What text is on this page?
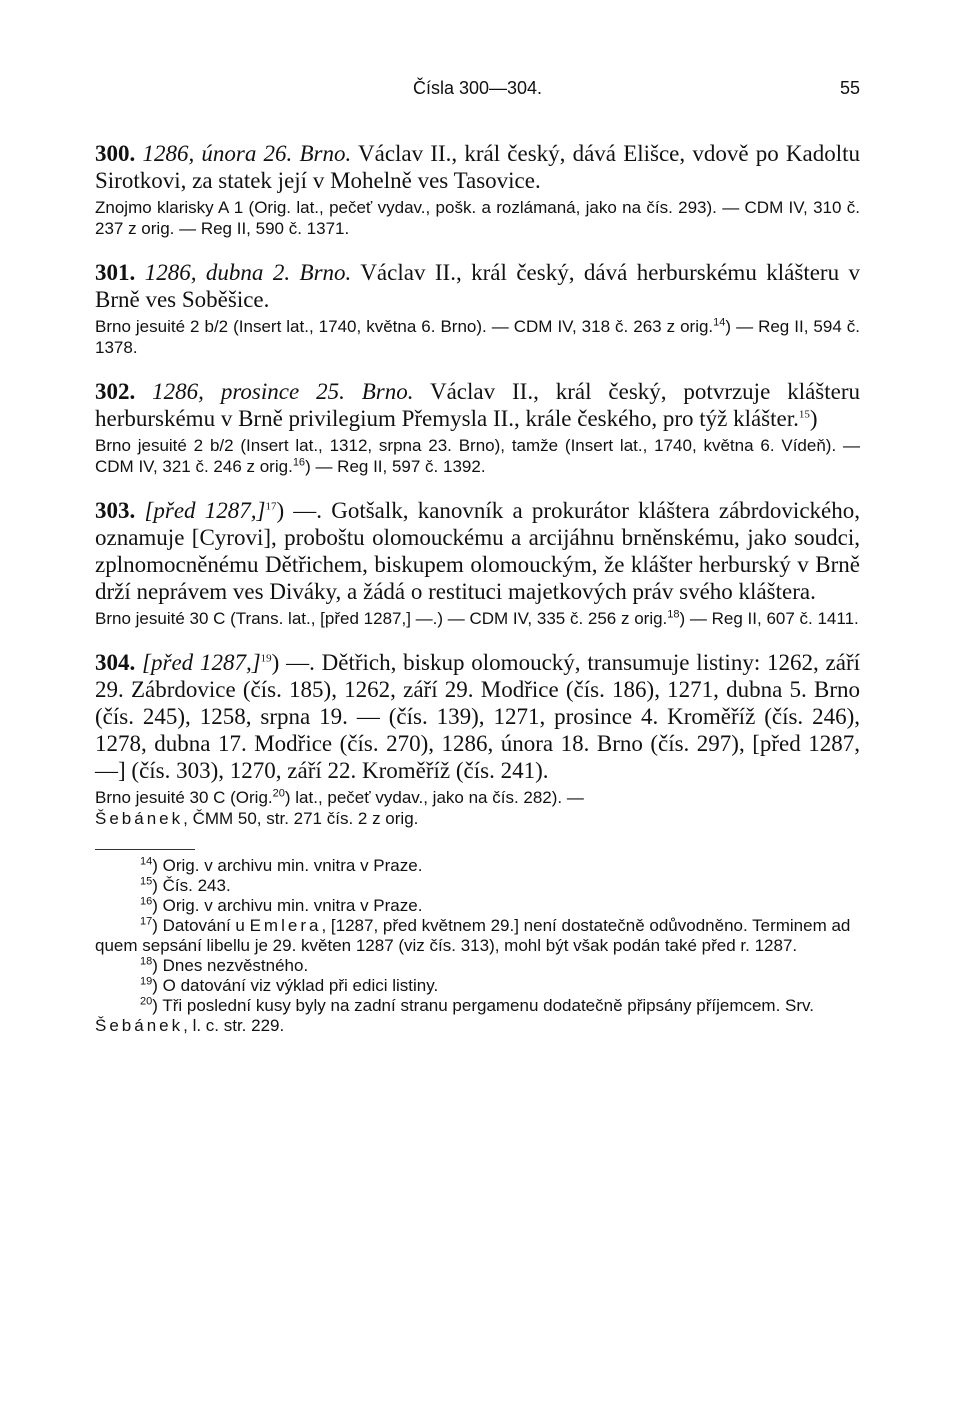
Čísla 300—304.	55
300. 1286, února 26. Brno. Václav II., král český, dává Elišce, vdově po Kadoltu Sirotkovi, za statek její v Mohelně ves Tasovice.
Znojmo klarisky A 1 (Orig. lat., pečeť vydav., pošk. a rozlámaná, jako na čís. 293). — CDM IV, 310 č. 237 z orig. — Reg II, 590 č. 1371.
301. 1286, dubna 2. Brno. Václav II., král český, dává herburskému klášteru v Brně ves Soběšice.
Brno jesuité 2 b/2 (Insert lat., 1740, května 6. Brno). — CDM IV, 318 č. 263 z orig.$^{14}$) — Reg II, 594 č. 1378.
302. 1286, prosince 25. Brno. Václav II., král český, potvrzuje klášteru herburskému v Brně privilegium Přemysla II., krále českého, pro týž klášter.$^{15}$)
Brno jesuité 2 b/2 (Insert lat., 1312, srpna 23. Brno), tamže (Insert lat., 1740, května 6. Vídeň). — CDM IV, 321 č. 246 z orig.$^{16}$) — Reg II, 597 č. 1392.
303. [před 1287,]$^{17}$) —. Gotšalk, kanovník a prokurátor kláštera zábrdovického, oznamuje [Cyrovi], proboštu olomouckému a arcijáhnu brněnskému, jako soudci, zplnomocněnému Dětřichem, biskupem olomouckým, že klášter herburský v Brně drží neprávem ves Diváky, a žádá o restituci majetkových práv svého kláštera.
Brno jesuité 30 C (Trans. lat., [před 1287,] —.) — CDM IV, 335 č. 256 z orig.$^{18}$) — Reg II, 607 č. 1411.
304. [před 1287,]$^{19}$) —. Dětřich, biskup olomoucký, transumuje listiny: 1262, září 29. Zábrdovice (čís. 185), 1262, září 29. Modřice (čís. 186), 1271, dubna 5. Brno (čís. 245), 1258, srpna 19. — (čís. 139), 1271, prosince 4. Kroměříž (čís. 246), 1278, dubna 17. Modřice (čís. 270), 1286, února 18. Brno (čís. 297), [před 1287, —] (čís. 303), 1270, září 22. Kroměříž (čís. 241).
Brno jesuité 30 C (Orig.$^{20}$) lat., pečeť vydav., jako na čís. 282). —
Šebánek, ČMM 50, str. 271 čís. 2 z orig.
$^{14}$) Orig. v archivu min. vnitra v Praze.
$^{15}$) Čís. 243.
$^{16}$) Orig. v archivu min. vnitra v Praze.
$^{17}$) Datování u Emlera, [1287, před květnem 29.] není dostatečně odůvodněno. Terminem ad quem sepsání libellu je 29. květen 1287 (viz čís. 313), mohl být však podán také před r. 1287.
$^{18}$) Dnes nezvěstného.
$^{19}$) O datování viz výklad při edici listiny.
$^{20}$) Tři poslední kusy byly na zadní stranu pergamenu dodatečně připsány příjemcem. Srv. Šebánek, l. c. str. 229.
